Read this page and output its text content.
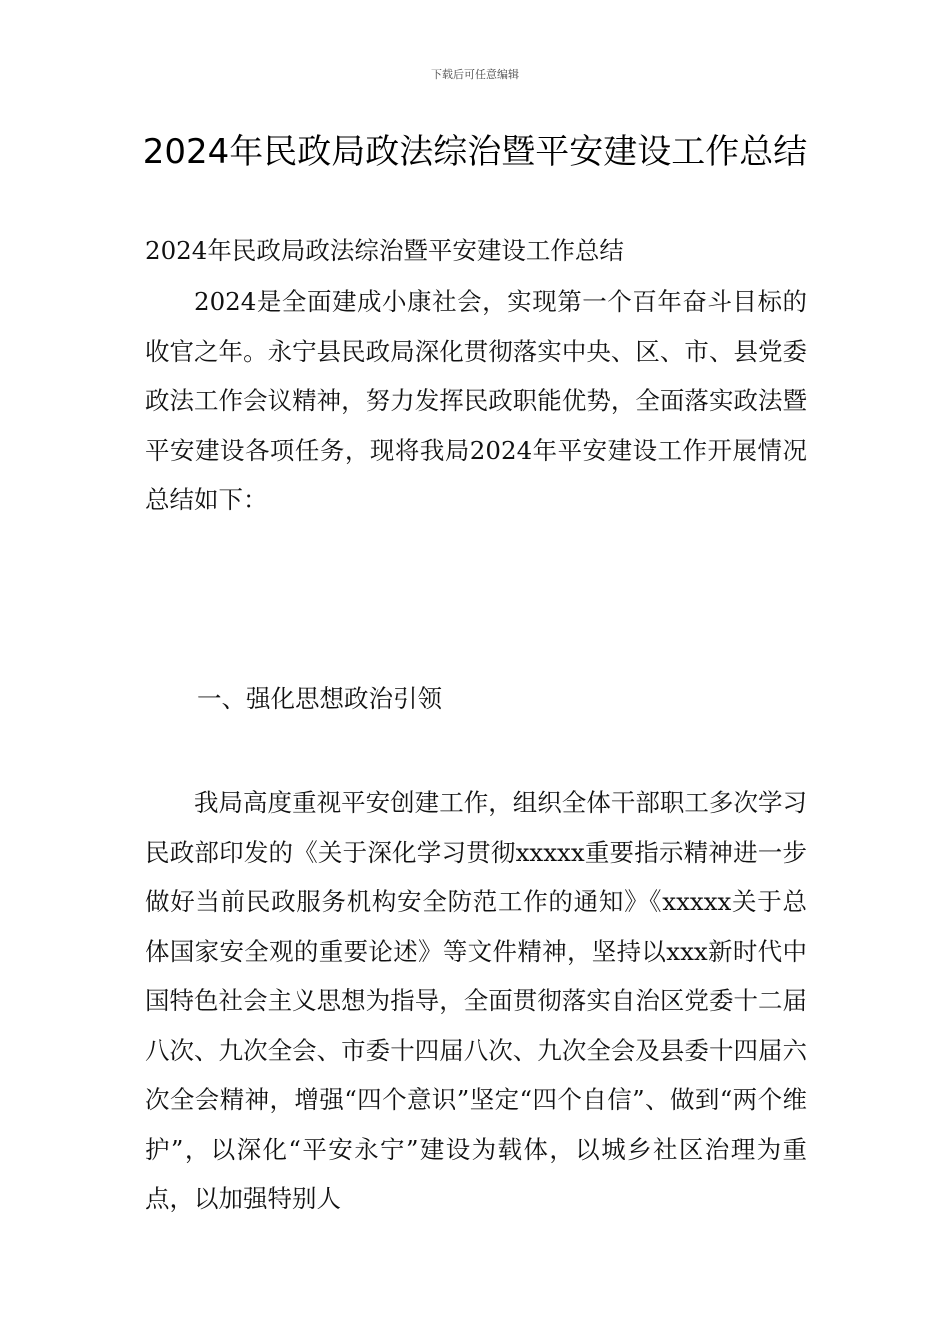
下载后可任意编辑
2024年民政局政法综治暨平安建设工作总结

2024年民政局政法综治暨平安建设工作总结

2024是全面建成小康社会，实现第一个百年奋斗目标的收官之年。永宁县民政局深化贯彻落实中央、区、市、县党委政法工作会议精神，努力发挥民政职能优势，全面落实政法暨平安建设各项任务，现将我局2024年平安建设工作开展情况总结如下：

一、强化思想政治引领

我局高度重视平安创建工作，组织全体干部职工多次学习民政部印发的《关于深化学习贯彻xxxxx重要指示精神进一步做好当前民政服务机构安全防范工作的通知》《xxxxx关于总体国家安全观的重要论述》等文件精神，坚持以xxx新时代中国特色社会主义思想为指导，全面贯彻落实自治区党委十二届八次、九次全会、市委十四届八次、九次全会及县委十四届六次全会精神，增强“四个意识”坚定“四个自信”、做到“两个维护”，以深化“平安永宁”建设为载体，以城乡社区治理为重点，以加强特别人
